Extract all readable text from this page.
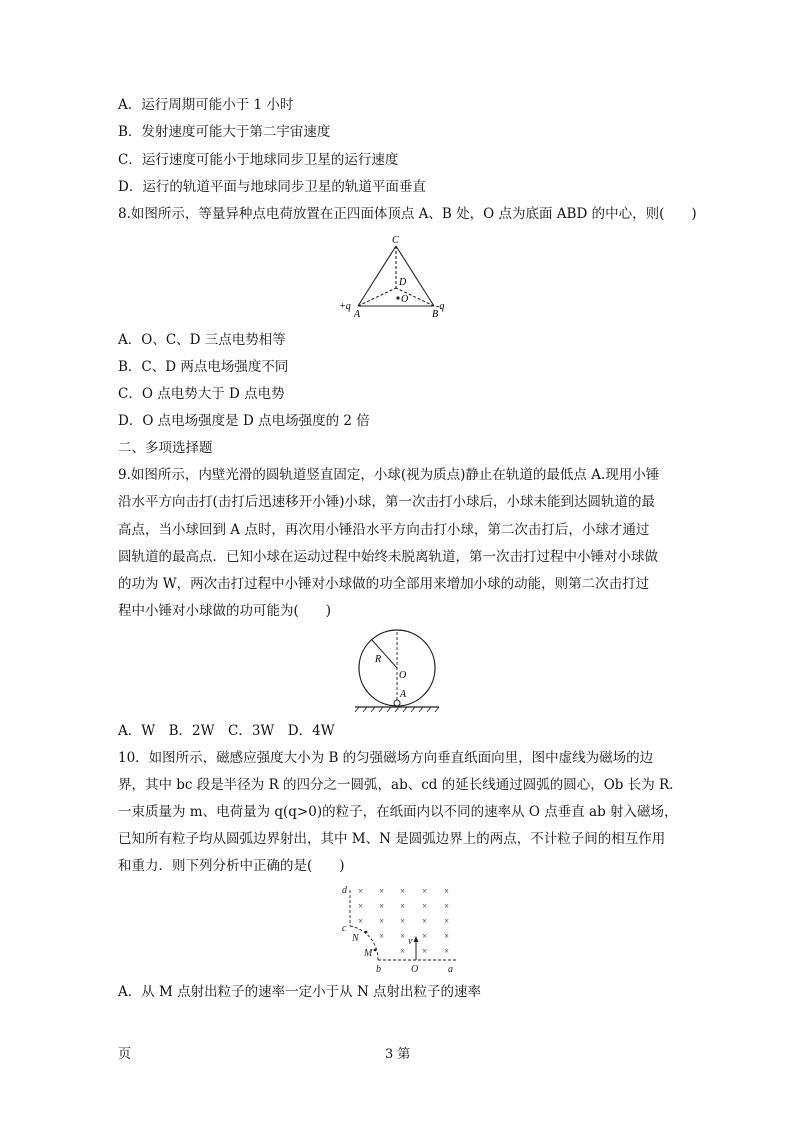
A．运行周期可能小于 1 小时
B．发射速度可能大于第二宇宙速度
C．运行速度可能小于地球同步卫星的运行速度
D．运行的轨道平面与地球同步卫星的轨道平面垂直
8.如图所示，等量异种点电荷放置在正四面体顶点 A、B 处，O 点为底面 ABD 的中心，则(　　)
C
D
O
A	B
+q	-q
A．O、C、D 三点电势相等
B．C、D 两点电场强度不同
C．O 点电势大于 D 点电势
D．O 点电场强度是 D 点电场强度的 2 倍
二、多项选择题
9.如图所示，内壁光滑的圆轨道竖直固定，小球(视为质点)静止在轨道的最低点 A.现用小锤
沿水平方向击打(击打后迅速移开小锤)小球，第一次击打小球后，小球未能到达圆轨道的最
高点，当小球回到 A 点时，再次用小锤沿水平方向击打小球，第二次击打后，小球才通过
圆轨道的最高点．已知小球在运动过程中始终未脱离轨道，第一次击打过程中小锤对小球做
的功为 W，两次击打过程中小锤对小球做的功全部用来增加小球的动能，则第二次击打过
程中小锤对小球做的功可能为(　　)
R
O
A
A．W　B．2W　C．3W　D．4W
10．如图所示，磁感应强度大小为 B 的匀强磁场方向垂直纸面向里，图中虚线为磁场的边
界，其中 bc 段是半径为 R 的四分之一圆弧，ab、cd 的延长线通过圆弧的圆心，Ob 长为 R.
一束质量为 m、电荷量为 q(q>0)的粒子，在纸面内以不同的速率从 O 点垂直 ab 射入磁场，
已知所有粒子均从圆弧边界射出，其中 M、N 是圆弧边界上的两点，不计粒子间的相互作用
和重力．则下列分析中正确的是(　　)
× × × × ×
× × × × ×
× × × × ×
× × × ×
× × ×
d
c
N
M
b	O	a
v
A．从 M 点射出粒子的速率一定小于从 N 点射出粒子的速率
页	3 第
